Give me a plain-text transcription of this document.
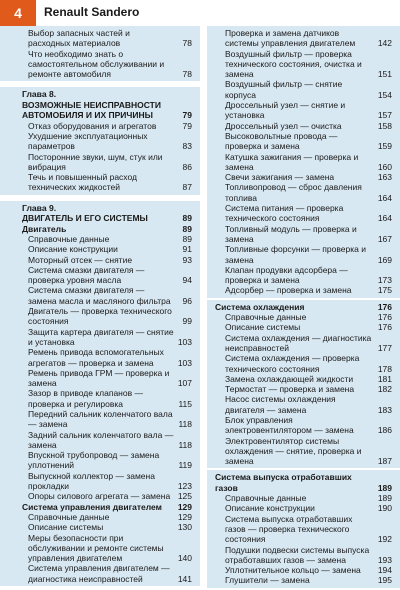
4 Renault Sandero
Выбор запасных частей и расходных материалов	78
Что необходимо знать о самостоятельном обслуживании и ремонте автомобиля	78
Глава 8.
ВОЗМОЖНЫЕ НЕИСПРАВНОСТИ АВТОМОБИЛЯ И ИХ ПРИЧИНЫ	79
Отказ оборудования и агрегатов	79
Ухудшение эксплуатационных параметров	83
Посторонние звуки, шум, стук или вибрация	86
Течь и повышенный расход технических жидкостей	87
Глава 9.
ДВИГАТЕЛЬ И ЕГО СИСТЕМЫ	89
Двигатель	89
Справочные данные	89
Описание конструкции	91
Моторный отсек — снятие	93
Система смазки двигателя — проверка уровня масла	94
Система смазки двигателя — замена масла и масляного фильтра 96
Двигатель — проверка технического состояния	99
Защита картера двигателя — снятие и установка	103
Ремень привода вспомогательных агрегатов — проверка и замена	103
Ремень привода ГРМ — проверка и замена	107
Зазор в приводе клапанов — проверка и регулировка	115
Передний сальник коленчатого вала — замена	118
Задний сальник коленчатого вала — замена	118
Впускной трубопровод — замена уплотнений	119
Выпускной коллектор — замена прокладки	123
Опоры силового агрегата — замена 125
Система управления двигателем 129
Справочные данные	129
Описание системы	130
Меры безопасности при обслуживании и ремонте системы управления двигателем	140
Система управления двигателем — диагностика неисправностей	141
Проверка и замена датчиков системы управления двигателем	142
Воздушный фильтр — проверка технического состояния, очистка и замена	151
Воздушный фильтр — снятие корпуса	154
Дроссельный узел — снятие и установка	157
Дроссельный узел — очистка	158
Высоковольтные провода — проверка и замена	159
Катушка зажигания — проверка и замена	160
Свечи зажигания — замена	163
Топливопровод — сброс давления топлива	164
Система питания — проверка технического состояния	164
Топливный модуль — проверка и замена	167
Топливные форсунки — проверка и замена	169
Клапан продувки адсорбера — проверка и замена	173
Адсорбер — проверка и замена	175
Система охлаждения	176
Справочные данные	176
Описание системы	176
Система охлаждения — диагностика неисправностей	177
Система охлаждения — проверка технического состояния	178
Замена охлаждающей жидкости	181
Термостат — проверка и замена	182
Насос системы охлаждения двигателя — замена	183
Блок управления электровентилятором — замена	186
Электровентилятор системы охлаждения — снятие, проверка и замена	187
Система выпуска отработавших газов	189
Справочные данные	189
Описание конструкции	190
Система выпуска отработавших газов — проверка технического состояния	192
Подушки подвески системы выпуска отработавших газов — замена	193
Уплотнительное кольцо — замена 194
Глушители — замена	195
